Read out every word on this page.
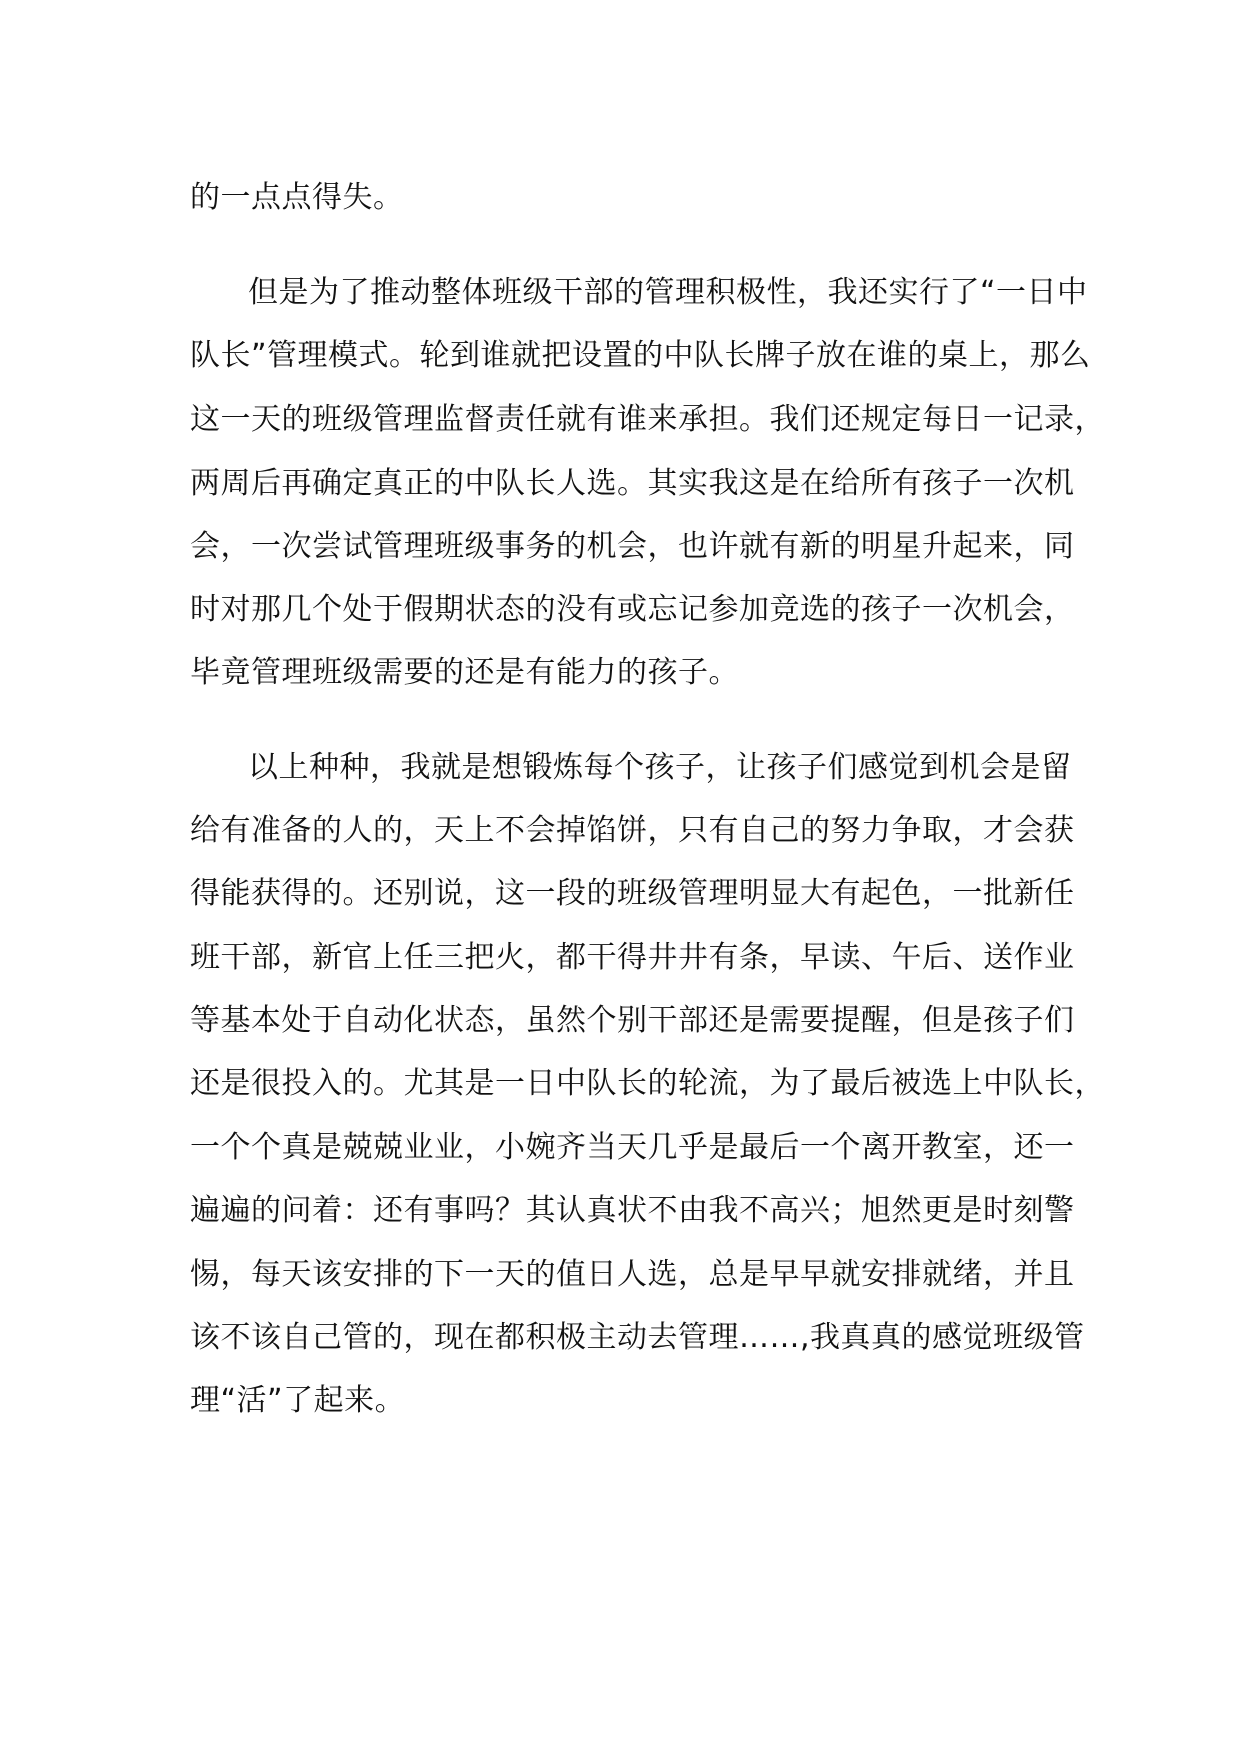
的一点点得失。
但是为了推动整体班级干部的管理积极性，我还实行了“一日中
队长”管理模式。轮到谁就把设置的中队长牌子放在谁的桌上，那么
这一天的班级管理监督责任就有谁来承担。我们还规定每日一记录，
两周后再确定真正的中队长人选。其实我这是在给所有孩子一次机
会，一次尝试管理班级事务的机会，也许就有新的明星升起来，同
时对那几个处于假期状态的没有或忘记参加竞选的孩子一次机会，
毕竟管理班级需要的还是有能力的孩子。
以上种种，我就是想锻炼每个孩子，让孩子们感觉到机会是留
给有准备的人的，天上不会掉馅饼，只有自己的努力争取，才会获
得能获得的。还别说，这一段的班级管理明显大有起色，一批新任
班干部，新官上任三把火，都干得井井有条，早读、午后、送作业
等基本处于自动化状态，虽然个别干部还是需要提醒，但是孩子们
还是很投入的。尤其是一日中队长的轮流，为了最后被选上中队长，
一个个真是兢兢业业，小婉齐当天几乎是最后一个离开教室，还一
遍遍的问着：还有事吗？其认真状不由我不高兴；旭然更是时刻警
惕，每天该安排的下一天的值日人选，总是早早就安排就绪，并且
该不该自己管的，现在都积极主动去管理……,我真真的感觉班级管
理“活”了起来。
